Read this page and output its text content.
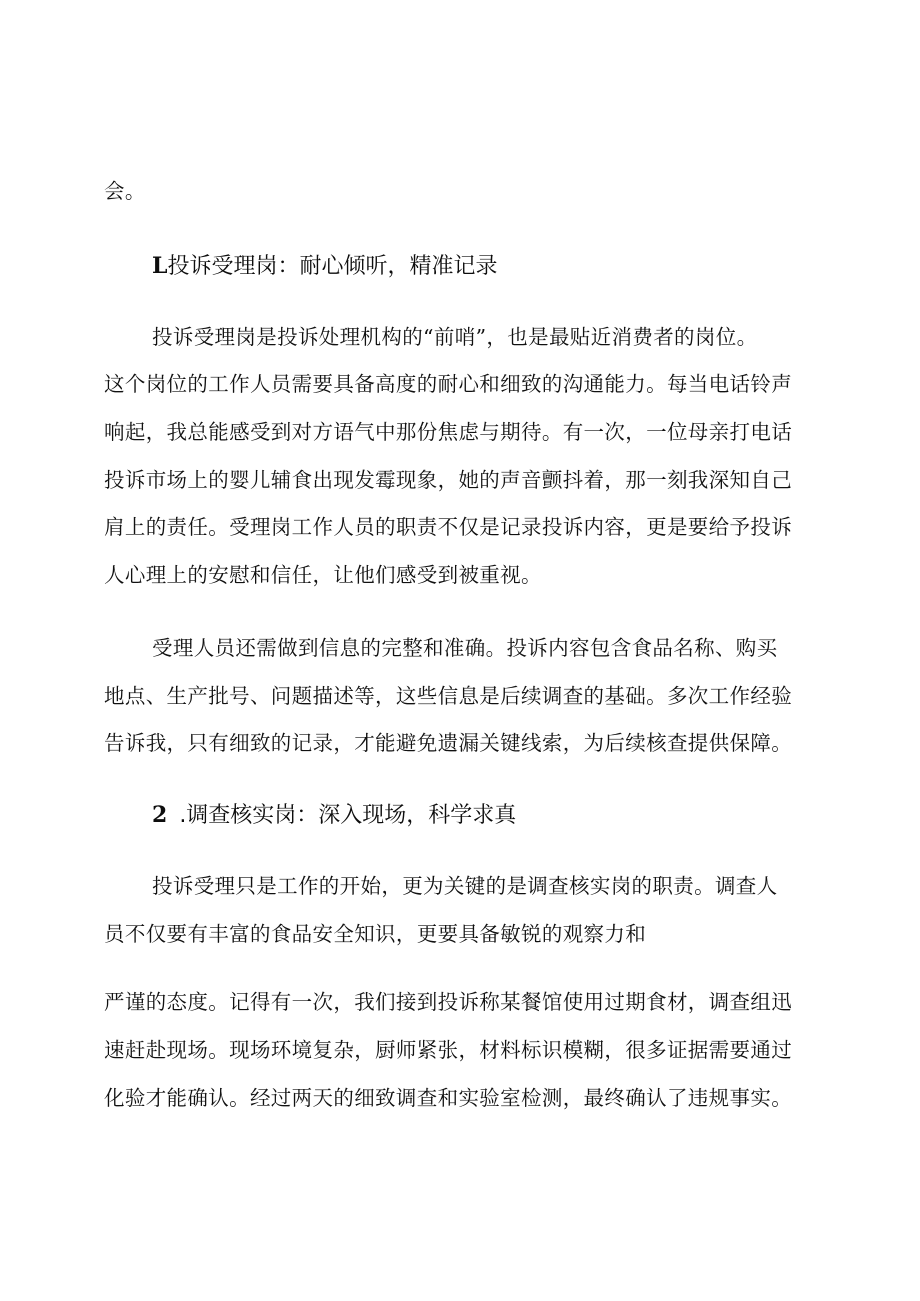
会。
L投诉受理岗：耐心倾听，精准记录
投诉受理岗是投诉处理机构的“前哨”，也是最贴近消费者的岗位。
这个岗位的工作人员需要具备高度的耐心和细致的沟通能力。每当电话铃声
响起，我总能感受到对方语气中那份焦虑与期待。有一次，一位母亲打电话
投诉市场上的婴儿辅食出现发霉现象，她的声音颤抖着，那一刻我深知自己
肩上的责任。受理岗工作人员的职责不仅是记录投诉内容，更是要给予投诉
人心理上的安慰和信任，让他们感受到被重视。
受理人员还需做到信息的完整和准确。投诉内容包含食品名称、购买
地点、生产批号、问题描述等，这些信息是后续调查的基础。多次工作经验
告诉我，只有细致的记录，才能避免遗漏关键线索，为后续核查提供保障。
2 .调查核实岗：深入现场，科学求真
投诉受理只是工作的开始，更为关键的是调查核实岗的职责。调查人
员不仅要有丰富的食品安全知识，更要具备敏锐的观察力和
严谨的态度。记得有一次，我们接到投诉称某餐馆使用过期食材，调查组迅
速赶赴现场。现场环境复杂，厨师紧张，材料标识模糊，很多证据需要通过
化验才能确认。经过两天的细致调查和实验室检测，最终确认了违规事实。
